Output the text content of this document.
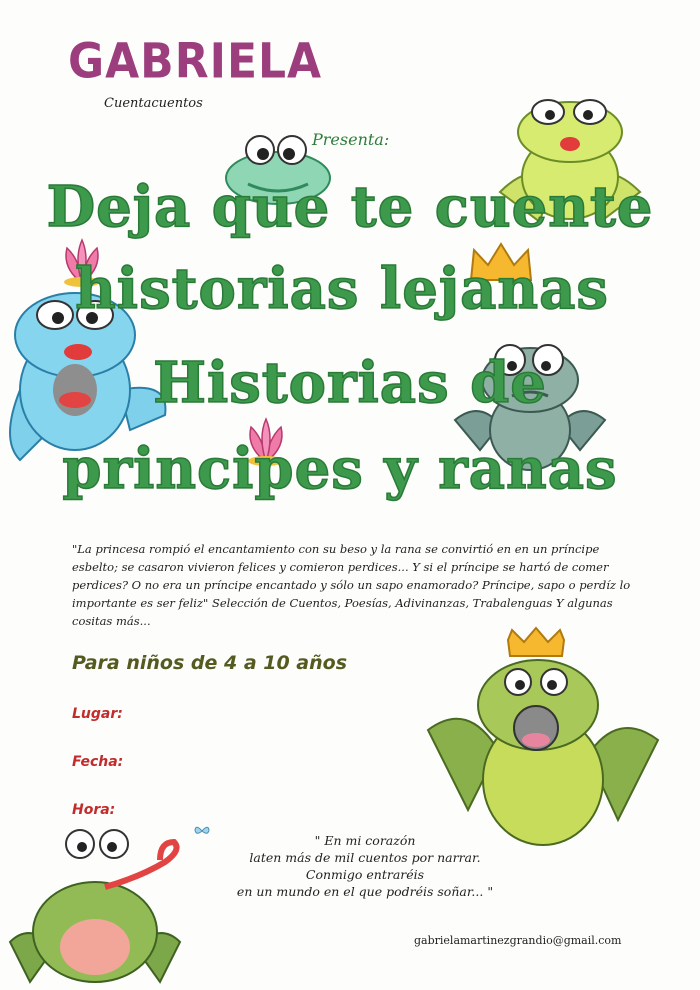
GABRIELA
Cuentacuentos
Presenta:
Deja que te cuente
historias lejanas
Historias de
principes y ranas
"La princesa rompió el encantamiento con su beso y la rana se convirtió en en un príncipe esbelto; se casaron vivieron felices y comieron perdices... Y si el príncipe se hartó de comer perdices? O no era un príncipe encantado y sólo un sapo enamorado? Príncipe, sapo o perdíz lo importante es ser feliz" Selección de Cuentos, Poesías, Adivinanzas, Trabalenguas Y algunas cositas más...
Para niños de 4 a 10 años
Lugar:
Fecha:
Hora:
" En mi corazón
laten más de mil cuentos por narrar.
Conmigo entraréis
en un mundo en el que podréis soñar... "
gabrielamartinezgrandio@gmail.com
